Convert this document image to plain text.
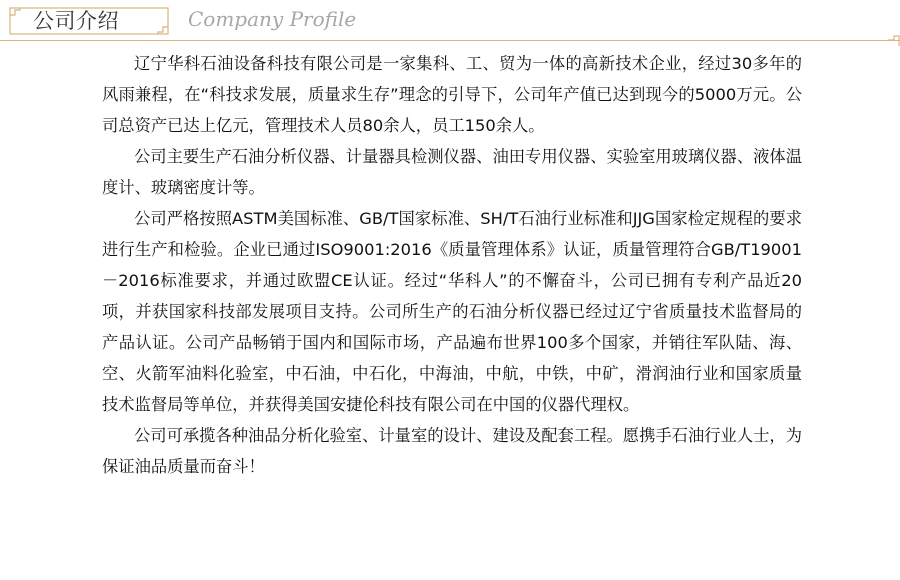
公司介绍	Company Profile

辽宁华科石油设备科技有限公司是一家集科、工、贸为一体的高新技术企业，经过30多年的风雨兼程，在“科技求发展，质量求生存”理念的引导下，公司年产值已达到现今的5000万元。公司总资产已达上亿元，管理技术人员80余人，员工150余人。

公司主要生产石油分析仪器、计量器具检测仪器、油田专用仪器、实验室用玻璃仪器、液体温度计、玻璃密度计等。

公司严格按照ASTM美国标准、GB/T国家标准、SH/T石油行业标准和JJG国家检定规程的要求进行生产和检验。企业已通过ISO9001:2016《质量管理体系》认证，质量管理符合GB/T19001－2016标准要求，并通过欧盟CE认证。经过“华科人”的不懈奋斗，公司已拥有专利产品近20项，并获国家科技部发展项目支持。公司所生产的石油分析仪器已经过辽宁省质量技术监督局的产品认证。公司产品畅销于国内和国际市场，产品遍布世界100多个国家，并销往军队陆、海、空、火箭军油料化验室，中石油，中石化，中海油，中航，中铁，中矿，滑润油行业和国家质量技术监督局等单位，并获得美国安捷伦科技有限公司在中国的仪器代理权。

公司可承揽各种油品分析化验室、计量室的设计、建设及配套工程。愿携手石油行业人士，为保证油品质量而奋斗！
